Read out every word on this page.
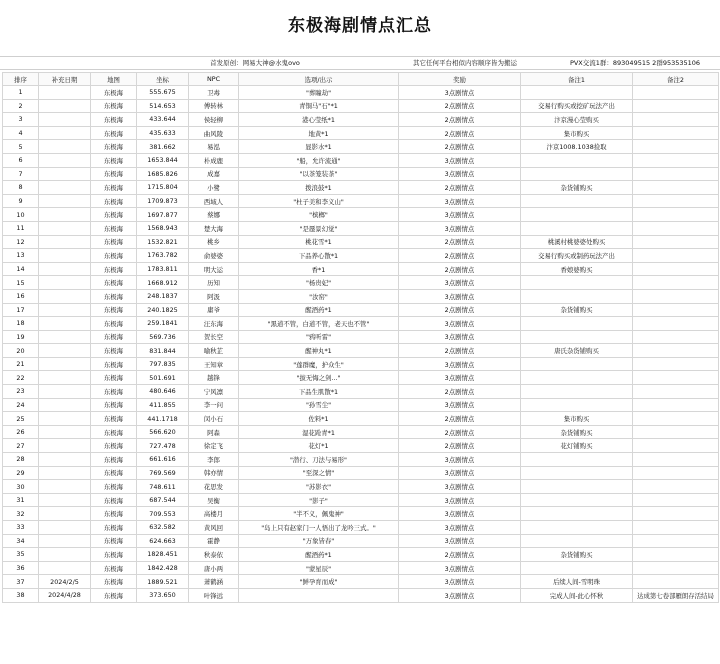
东极海剧情点汇总
首发原创：网易大神@水鬼ovo	其它任何平台相似内容顺序皆为搬运	PVX交流1群：893049515 2群953535106
排序	补充日期	地图	坐标	NPC	选项/出示	奖励	备注1	备注2
1		东极海	555.675	卫毒	"葬瞳劫"	3点剧情点		
2		东极海	514.653	傅转林	青铜马"石"*1	2点剧情点	交易行购买或挖矿玩法产出	
3		东极海	433.644	侯轻柳	港心莹纸*1	2点剧情点	汴京漫心莹购买	
4		东极海	435.633	曲风陵	地黄*1	2点剧情点	集市购买	
5		东极海	381.662	易泓	显影水*1	2点剧情点	汴京1008.1038捡取	
6		东极海	1653.844	朴成鹿	"船，允许流通"	3点剧情点		
7		东极海	1685.826	成嘉	"以茶笼装茶"	3点剧情点		
8		东极海	1715.804	小鹭	拨浪鼓*1	2点剧情点	杂货铺购买	
9		东极海	1709.873	西域人	"杜子美和李义山"	3点剧情点		
10		东极海	1697.877	蔡娜	"槟榔"	3点剧情点		
11		东极海	1568.943	楚大海	"是蜃景幻觉"	3点剧情点		
12		东极海	1532.821	桃乡	桃花雪*1	2点剧情点	桃溪村桃婆婆处购买	
13		东极海	1763.782	俞婆婆	下品养心散*1	2点剧情点	交易行购买或制药玩法产出	
14		东极海	1783.811	明大运	香*1	2点剧情点	香娘婆购买	
15		东极海	1668.912	历知	"杨贵妃"	3点剧情点		
16		东极海	248.1837	阿汲	"汝窑"	3点剧情点		
17		东极海	240.1825	庸爷	醒酒药*1	2点剧情点	杂货铺购买	
18		东极海	259.1841	汪东海	"黑道不管，白道不管，老天也不管"	3点剧情点		
19		东极海	569.736	贺长空	"鸦听雷"	3点剧情点		
20		东极海	831.844	喻秋芷	醒神丸*1	2点剧情点	唐氏杂货铺购买	
21		东极海	797.835	王知章	"莲群魔，护众生"	3点剧情点		
22		东极海	501.691	越锋	"拔无悔之剑..."	3点剧情点		
23		东极海	480.646	宁风凛	下品生肌散*1	2点剧情点		
24		东极海	411.855	李一问	"孙雪尘"	3点剧情点		
25		东极海	441.1718	闵小石	佐料*1	2点剧情点	集市购买	
26		东极海	566.620	阿森	湿花跄青*1	2点剧情点	杂货铺购买	
27		东极海	727.478	徐定飞	花灯*1	2点剧情点	花灯铺购买	
28		东极海	661.616	李郎	"潜行、刀法与易形"	3点剧情点		
29		东极海	769.569	韩亦情	"至深之情"	3点剧情点		
30		东极海	748.611	花思发	"苏影衣"	3点剧情点		
31		东极海	687.544	吴衡	"影子"	3点剧情点		
32		东极海	709.553	高楼月	"半不义，佩鬼神"	3点剧情点		
33		东极海	632.582	黄风回	"岛上只有赵家门一人悟出了龙吟三式。"	3点剧情点		
34		东极海	624.663	霍静	"万象皆春"	3点剧情点		
35		东极海	1828.451	秋泰依	醒酒药*1	2点剧情点	杂货铺购买	
36		东极海	1842.428	唐小两	"蒙星辰"	3点剧情点		
37	2024/2/5	东极海	1889.521	萧鹤涵	"鲜孕育而成"	3点剧情点	后续人间-雪明珠	
38	2024/4/28	东极海	373.650	叶锋远		3点剧情点	完成人间-此心怀秋	达成第七卷部雁朗存活结局
